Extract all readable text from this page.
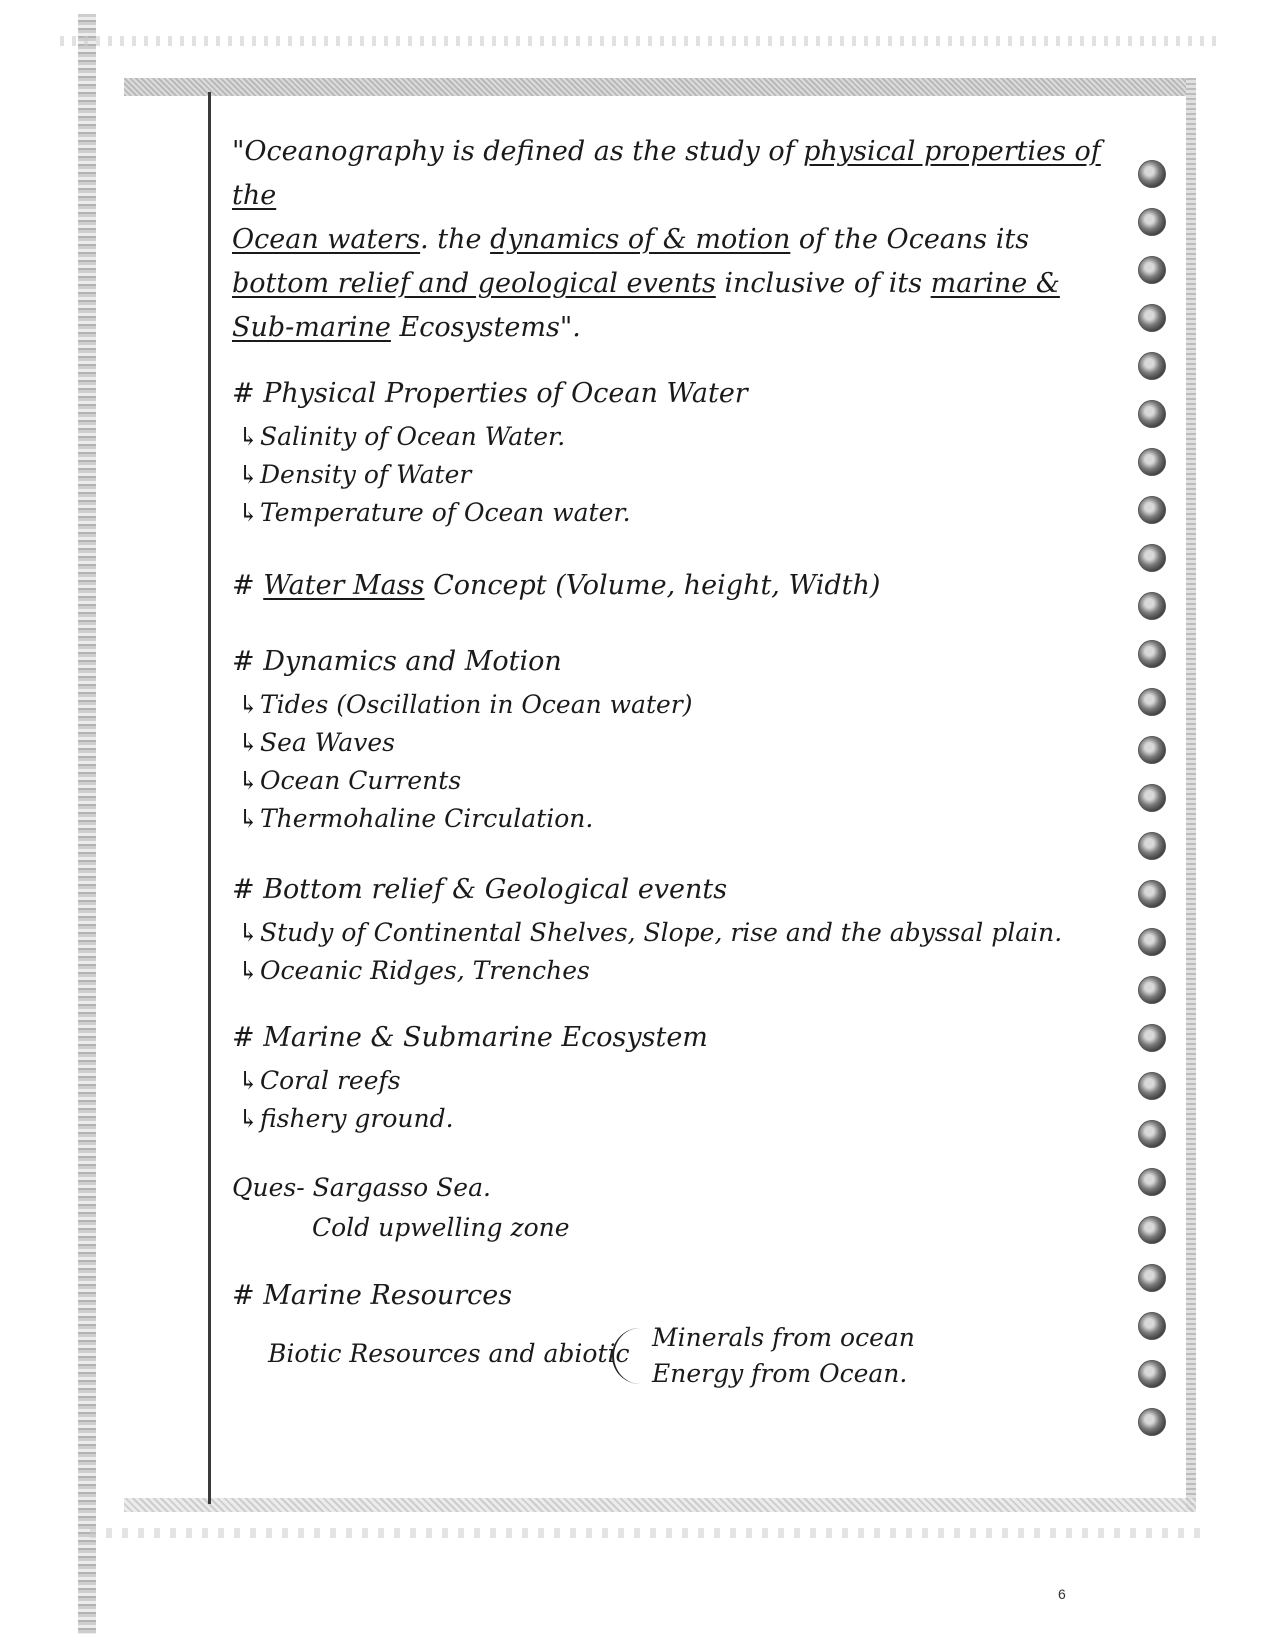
"Oceanography is defined as the study of physical properties of the

Ocean waters. the dynamics of & motion of the Oceans its

bottom relief and geological events inclusive of its marine &

Sub-marine Ecosystems".

# Physical Properties of Ocean Water
↳Salinity of Ocean Water.
↳Density of Water
↳Temperature of Ocean water.
# Water Mass Concept (Volume, height, Width)
# Dynamics and Motion
↳Tides (Oscillation in Ocean water)
↳Sea Waves
↳Ocean Currents
↳Thermohaline Circulation.
# Bottom relief & Geological events
↳Study of Continental Shelves, Slope, rise and the abyssal plain.
↳Oceanic Ridges, Trenches
# Marine & Submarine Ecosystem
↳Coral reefs
↳fishery ground.
Ques- Sargasso Sea.
Cold upwelling zone
# Marine Resources
Biotic Resources and abiotic
Minerals from ocean
Energy from Ocean.
6
